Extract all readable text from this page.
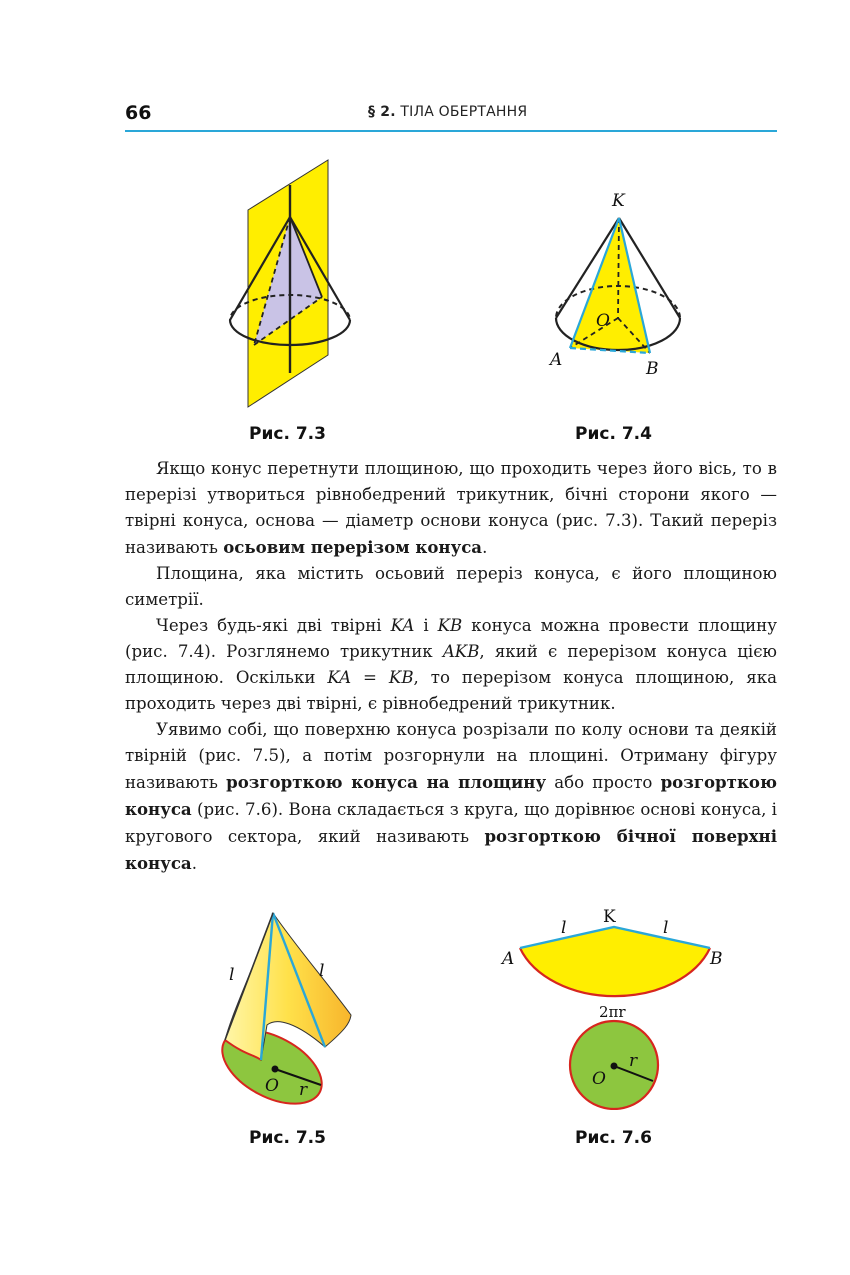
66	§ 2. ТІЛА ОБЕРТАННЯ
Рис. 7.3
K
O
A	B
Рис. 7.4

Якщо конус перетнути площиною, що проходить через його вісь, то в перерізі утвориться рівнобедрений трикутник, бічні сторони якого — твірні конуса, основа — діаметр основи конуса (рис. 7.3). Такий переріз називають осьовим перерізом конуса.

Площина, яка містить осьовий переріз конуса, є його площиною симетрії.

Через будь-які дві твірні KA і KB конуса можна провести площину (рис. 7.4). Розглянемо трикутник AKB, який є перерізом конуса цією площиною. Оскільки KA = KB, то перерізом конуса площиною, яка проходить через дві твірні, є рівнобедрений трикутник.

Уявимо собі, що поверхню конуса розрізали по колу основи та деякій твірній (рис. 7.5), а потім розгорнули на площині. Отриману фігуру називають розгорткою конуса на площину або просто розгорткою конуса (рис. 7.6). Вона складається з круга, що дорівнює основі конуса, і кругового сектора, який називають розгорткою бічної поверхні конуса.

l	l
O r
Рис. 7.5
K
l	l
A	B
2πr
O
r
Рис. 7.6
